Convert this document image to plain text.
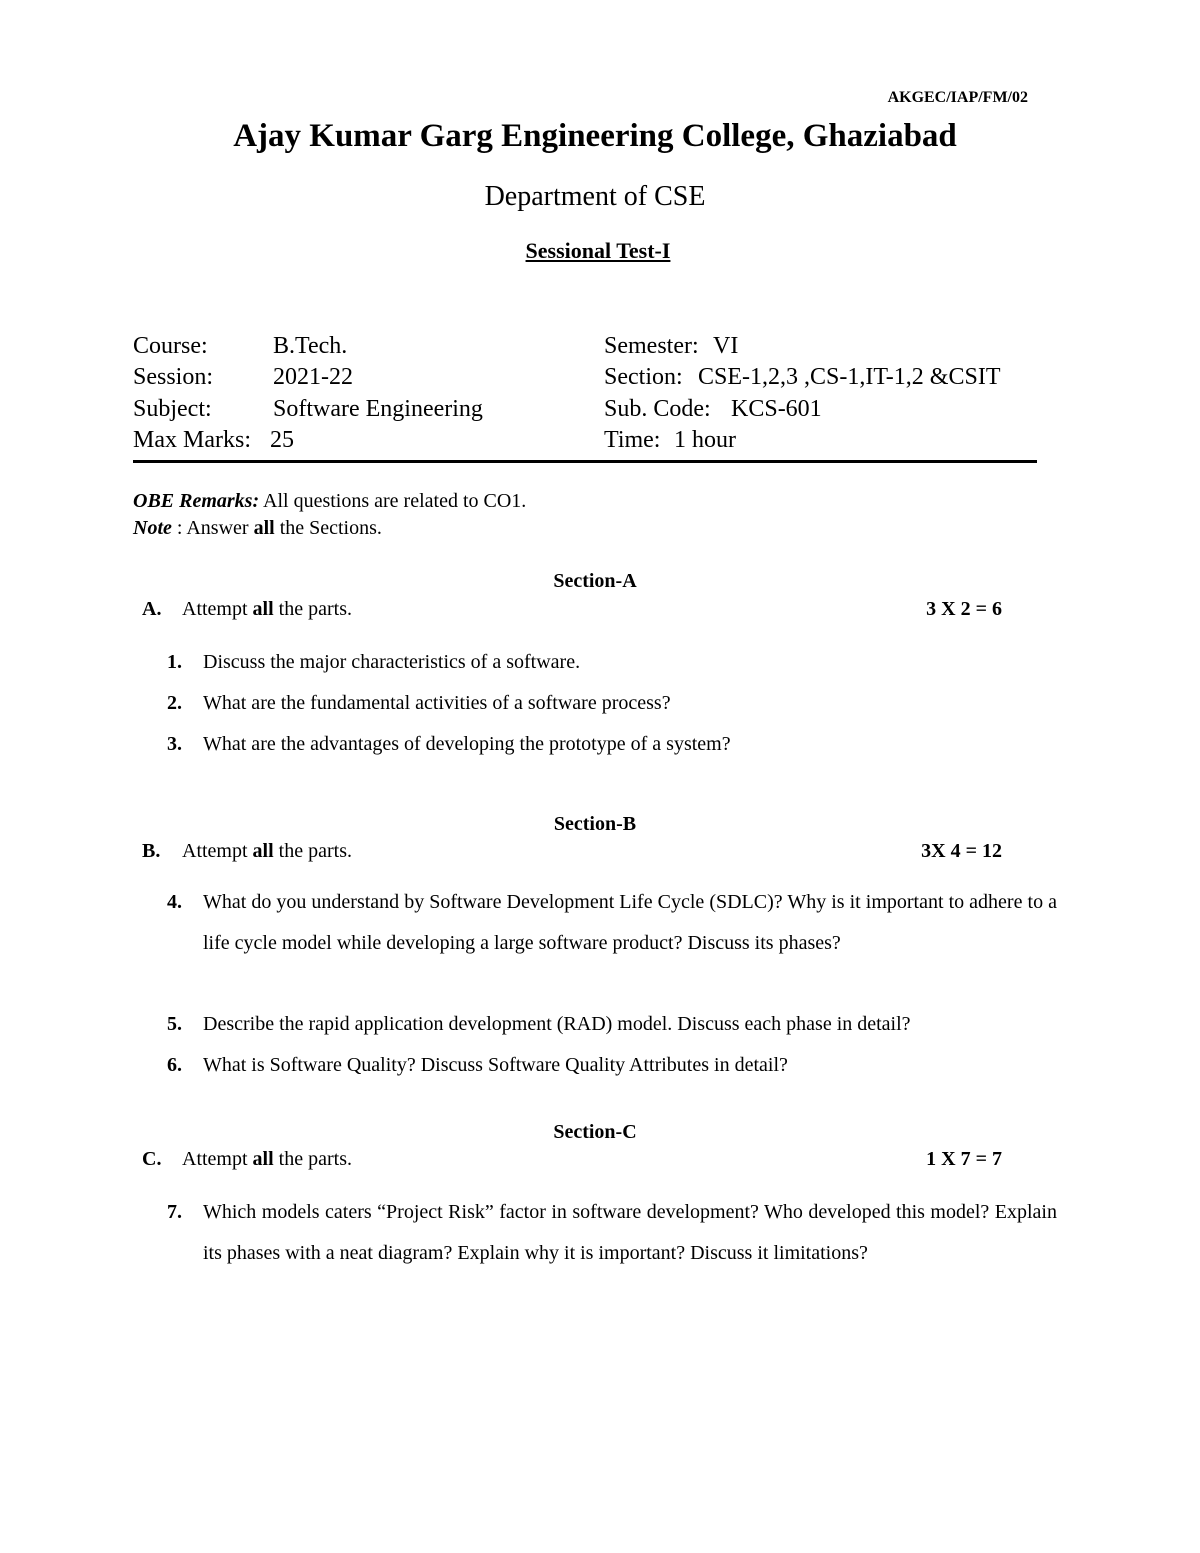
AKGEC/IAP/FM/02
Ajay Kumar Garg Engineering College, Ghaziabad
Department of CSE
Sessional Test-I
Course:	B.Tech.	Semester: VI
Session: 2021-22	Section: CSE-1,2,3 ,CS-1,IT-1,2 &CSIT
Subject:	Software Engineering	Sub. Code: KCS-601
Max Marks: 25	Time: 1 hour
OBE Remarks: All questions are related to CO1.
Note : Answer all the Sections.
Section-A
A. Attempt all the parts.	3 X 2 = 6
1. Discuss the major characteristics of a software.
2. What are the fundamental activities of a software process?
3. What are the advantages of developing the prototype of a system?
Section-B
B. Attempt all the parts.	3X 4 = 12
4. What do you understand by Software Development Life Cycle (SDLC)? Why is it important to adhere to a life cycle model while developing a large software product? Discuss its phases?
5. Describe the rapid application development (RAD) model. Discuss each phase in detail?
6. What is Software Quality? Discuss Software Quality Attributes in detail?
Section-C
C. Attempt all the parts.	1 X 7 = 7
7. Which models caters “Project Risk” factor in software development? Who developed this model? Explain its phases with a neat diagram? Explain why it is important? Discuss it limitations?
